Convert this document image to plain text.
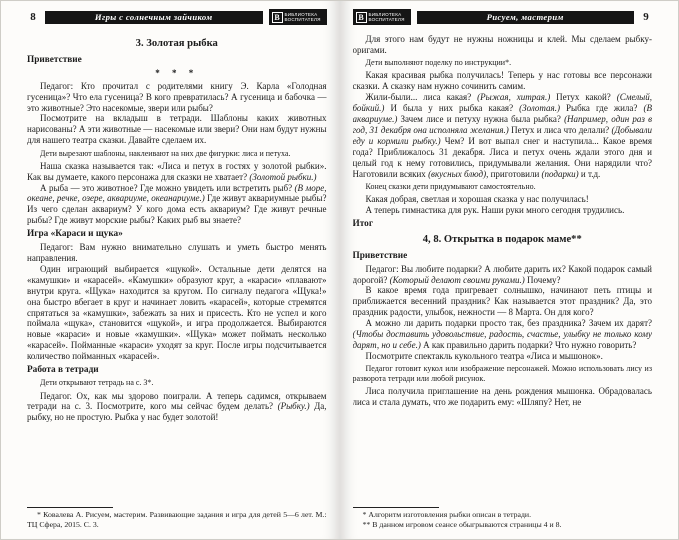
8	Игры с солнечным зайчиком	В	БИБЛИОТЕКА
ВОСПИТАТЕЛЯ
3. Золотая рыбка
Приветствие
* * *
Педагог: Кто прочитал с родителями книгу Э. Карла «Голодная гусеница»? Что ела гусеница? В кого превратилась? А гусеница и бабочка — это животные? Это насекомые, звери или рыбы?
Посмотрите на вкладыш в тетради. Шаблоны каких животных нарисованы? А эти животные — насекомые или звери? Они нам будут нужны для нашего театра сказки. Давайте сделаем их.
Дети вырезают шаблоны, наклеивают на них две фигурки: лиса и петуха.
Наша сказка называется так: «Лиса и петух в гостях у золотой рыбки». Как вы думаете, какого персонажа для сказки не хватает? (Золотой рыбки.)
А рыба — это животное? Где можно увидеть или встретить рыб? (В море, океане, речке, озере, аквариуме, океанариуме.) Где живут аквариумные рыбы? Из чего сделан аквариум? У кого дома есть аквариум? Где живут речные рыбы? Где живут морские рыбы? Каких рыб вы знаете?
Игра «Караси и щука»
Педагог: Вам нужно внимательно слушать и уметь быстро менять направления.
Один играющий выбирается «щукой». Остальные дети делятся на «камушки» и «карасей». «Камушки» образуют круг, а «караси» «плавают» внутри круга. «Щука» находится за кругом. По сигналу педагога «Щука!» она быстро вбегает в круг и начинает ловить «карасей», которые стремятся спрятаться за «камушки», забежать за них и присесть. Кто не успел и кого поймала «щука», становится «щукой», и игра продолжается. Выбираются новые «караси» и новые «камушки». «Щука» может поймать несколько «карасей». Пойманные «караси» уходят за круг. После игры подсчитывается количество пойманных «карасей».
Работа в тетради
Дети открывают тетрадь на с. 3*.
Педагог. Ох, как мы здорово поиграли. А теперь садимся, открываем тетради на с. 3. Посмотрите, кого мы сейчас будем делать? (Рыбку.) Да, рыбку, но не простую. Рыбка у нас будет золотой!
* Ковалева А. Рисуем, мастерим. Развивающие задания и игра для детей 5—6 лет. М.: ТЦ Сфера, 2015. С. 3.
В	БИБЛИОТЕКА
ВОСПИТАТЕЛЯ	Рисуем, мастерим	9
Для этого нам будут не нужны ножницы и клей. Мы сделаем рыбку-оригами.
Дети выполняют поделку по инструкции*.
Какая красивая рыбка получилась! Теперь у нас готовы все персонажи сказки. А сказку нам нужно сочинить самим.
Жили-были... лиса какая? (Рыжая, хитрая.) Петух какой? (Смелый, бойкий.) И была у них рыбка какая? (Золотая.) Рыбка где жила? (В аквариуме.) Зачем лисе и петуху нужна была рыбка? (Например, один раз в год, 31 декабря она исполняла желания.) Петух и лиса что делали? (Добывали еду и кормили рыбку.) Чем? И вот выпал снег и наступила... Какое время года? Приближалось 31 декабря. Лиса и петух очень ждали этого дня и целый год к нему готовились, придумывали желания. Они нарядили что? Наготовили всяких (вкусных блюд), приготовили (подарки) и т.д.
Конец сказки дети придумывают самостоятельно.
Какая добрая, светлая и хорошая сказка у нас получилась!
А теперь гимнастика для рук. Наши руки много сегодня трудились.
Итог
4, 8. Открытка в подарок маме**
Приветствие
Педагог: Вы любите подарки? А любите дарить их? Какой подарок самый дорогой? (Который делают своими руками.) Почему?
В какое время года пригревает солнышко, начинают петь птицы и приближается весенний праздник? Как называется этот праздник? Да, это праздник радости, улыбок, нежности — 8 Марта. Он для кого?
А можно ли дарить подарки просто так, без праздника? Зачем их дарят? (Чтобы доставить удовольствие, радость, счастье, улыбку не только кому дарят, но и себе.) А как правильно дарить подарки? Что нужно говорить?
Посмотрите спектакль кукольного театра «Лиса и мышонок».
Педагог готовит кукол или изображение персонажей. Можно использовать лису из разворота тетради или любой рисунок.
Лиса получила приглашение на день рождения мышонка. Обрадовалась лиса и стала думать, что же подарить ему: «Шляпу? Нет, не
* Алгоритм изготовления рыбки описан в тетради.
** В данном игровом сеансе обыгрываются страницы 4 и 8.
